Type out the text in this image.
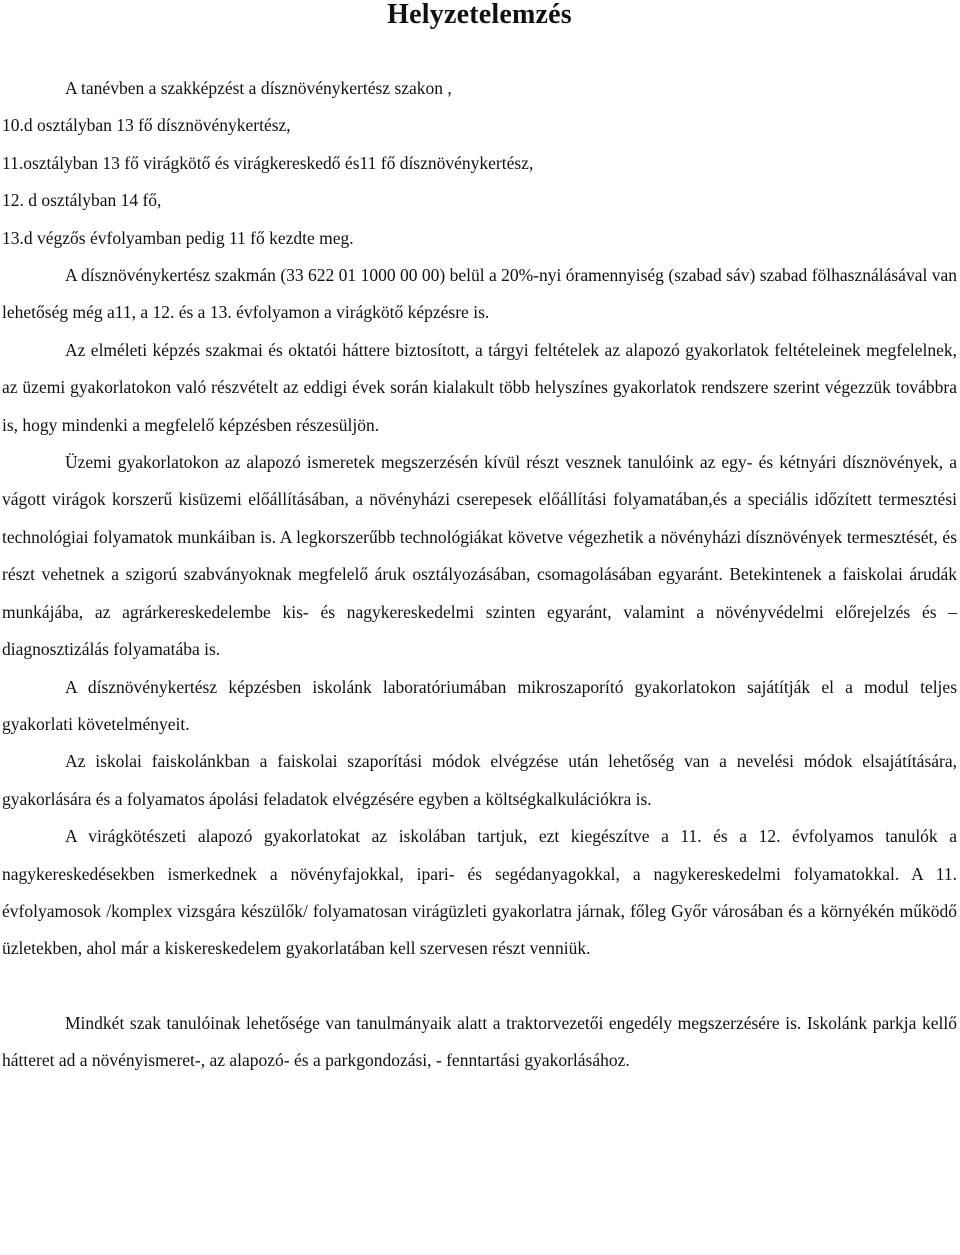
Helyzetelemzés
A tanévben a szakképzést a dísznövénykertész szakon ,
10.d osztályban 13 fő dísznövénykertész,
11.osztályban 13 fő virágkötő és virágkereskedő és11 fő dísznövénykertész,
12. d osztályban 14 fő,
13.d végzős évfolyamban pedig 11 fő kezdte meg.

A dísznövénykertész szakmán (33 622 01 1000 00 00) belül a 20%-nyi óramennyiség (szabad sáv) szabad fölhasználásával van lehetőség még a11, a 12. és a 13. évfolyamon a virágkötő képzésre is.

Az elméleti képzés szakmai és oktatói háttere biztosított, a tárgyi feltételek az alapozó gyakorlatok feltételeinek megfelelnek, az üzemi gyakorlatokon való részvételt az eddigi évek során kialakult több helyszínes gyakorlatok rendszere szerint végezzük továbbra is, hogy mindenki a megfelelő képzésben részesüljön.

Üzemi gyakorlatokon az alapozó ismeretek megszerzésén kívül részt vesznek tanulóink az egy- és kétnyári dísznövények, a vágott virágok korszerű kisüzemi előállításában, a növényházi cserepesek előállítási folyamatában,és a speciális időzített termesztési technológiai folyamatok munkáiban is. A legkorszerűbb technológiákat követve végezhetik a növényházi dísznövények termesztését, és részt vehetnek a szigorú szabványoknak megfelelő áruk osztályozásában, csomagolásában egyaránt. Betekintenek a faiskolai árudák munkájába, az agrárkereskedelembe kis- és nagykereskedelmi szinten egyaránt, valamint a növényvédelmi előrejelzés és – diagnosztizálás folyamatába is.

A dísznövénykertész képzésben iskolánk laboratóriumában mikroszaporító gyakorlatokon sajátítják el a modul teljes gyakorlati követelményeit.

Az iskolai faiskolánkban a faiskolai szaporítási módok elvégzése után lehetőség van a nevelési módok elsajátítására, gyakorlására és a folyamatos ápolási feladatok elvégzésére egyben a költségkalkulációkra is.

A virágkötészeti alapozó gyakorlatokat az iskolában tartjuk, ezt kiegészítve a 11. és a 12. évfolyamos tanulók a nagykereskedésekben ismerkednek a növényfajokkal, ipari- és segédanyagokkal, a nagykereskedelmi folyamatokkal. A 11. évfolyamosok /komplex vizsgára készülők/ folyamatosan virágüzleti gyakorlatra járnak, főleg Győr városában és a környékén működő üzletekben, ahol már a kiskereskedelem gyakorlatában kell szervesen részt venniük.

Mindkét szak tanulóinak lehetősége van tanulmányaik alatt a traktorvezetői engedély megszerzésére is. Iskolánk parkja kellő hátteret ad a növényismeret-, az alapozó- és a parkgondozási, - fenntartási gyakorlásához.
